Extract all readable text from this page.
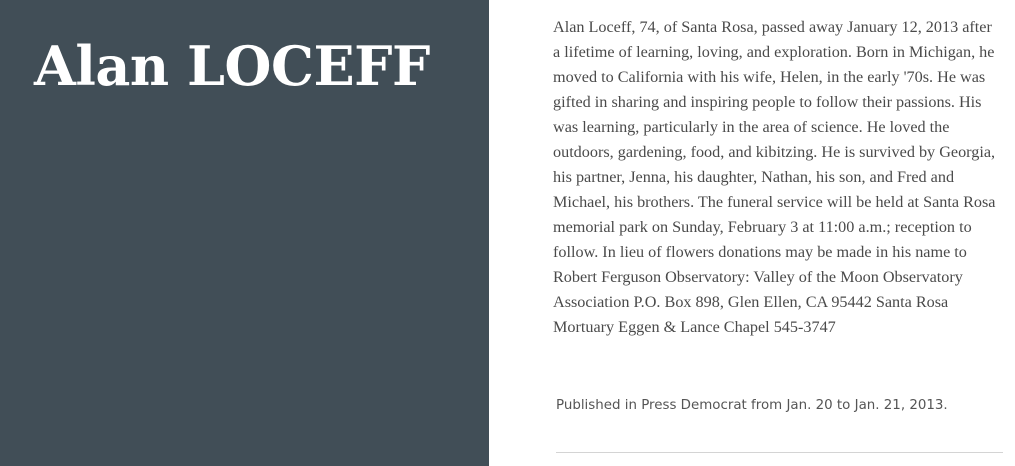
Alan LOCEFF

Alan Loceff, 74, of Santa Rosa, passed away January 12, 2013 after a lifetime of learning, loving, and exploration. Born in Michigan, he moved to California with his wife, Helen, in the early '70s. He was gifted in sharing and inspiring people to follow their passions. His was learning, particularly in the area of science. He loved the outdoors, gardening, food, and kibitzing. He is survived by Georgia, his partner, Jenna, his daughter, Nathan, his son, and Fred and Michael, his brothers. The funeral service will be held at Santa Rosa memorial park on Sunday, February 3 at 11:00 a.m.; reception to follow. In lieu of flowers donations may be made in his name to Robert Ferguson Observatory: Valley of the Moon Observatory Association P.O. Box 898, Glen Ellen, CA 95442 Santa Rosa Mortuary Eggen & Lance Chapel 545-3747

Published in Press Democrat from Jan. 20 to Jan. 21, 2013.
